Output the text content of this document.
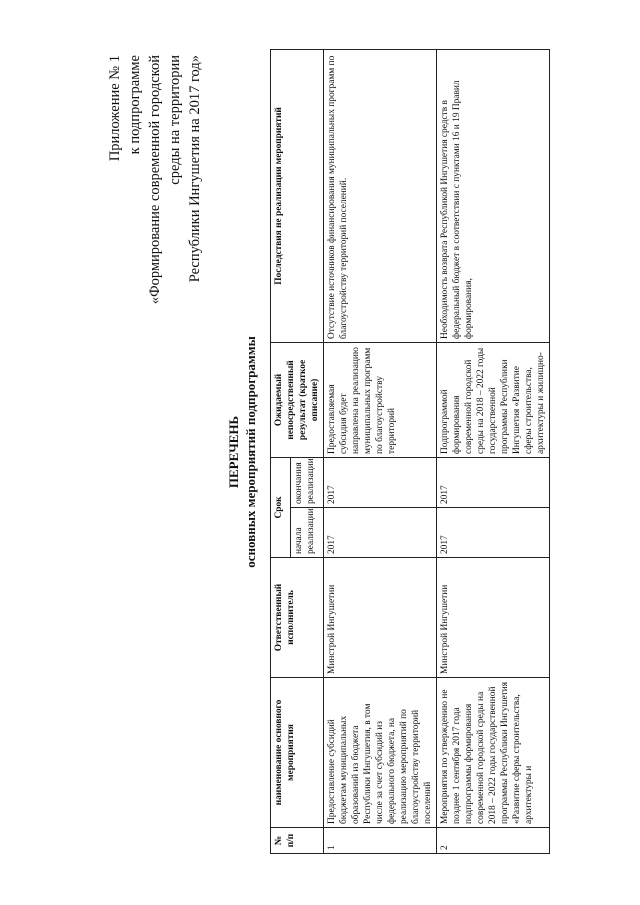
Приложение № 1 к подпрограмме «Формирование современной городской среды на территории Республики Ингушетия на 2017 год»
ПЕРЕЧЕНЬ основных мероприятий подпрограммы
№ п/п	наименование основного мероприятия	Ответственный исполнитель	Срок		Ожидаемый непосредственный результат (краткое описание)	Последствия не реализации мероприятий
			начала реализации	окончания реализации		
1	Предоставление субсидий бюджетам муниципальных образований из бюджета Республики Ингушетия, в том числе за счет субсидий из федерального бюджета, на реализацию мероприятий по благоустройству территорий поселений	Минстрой Ингушетии	2017	2017	Предоставляемая субсидия будет направлена на реализацию муниципальных программ по благоустройству территорий	Отсутствие источников финансирования муниципальных программ по благоустройству территорий поселений.
2	Мероприятия по утверждению не позднее 1 сентября 2017 года подпрограммы формирования современной городской среды на 2018 – 2022 годы государственной программы Республики Ингушетия «Развитие сферы строительства, архитектуры и	Минстрой Ингушетии	2017	2017	Подпрограммой формирования современной городской среды на 2018 – 2022 годы государственной программы Республики Ингушетия «Развитие сферы строительства, архитектуры и жилищно-	Необходимость возврата Республикой Ингушетия средств в федеральный бюджет в соответствии с пунктами 16 и 19 Правил формирования,
